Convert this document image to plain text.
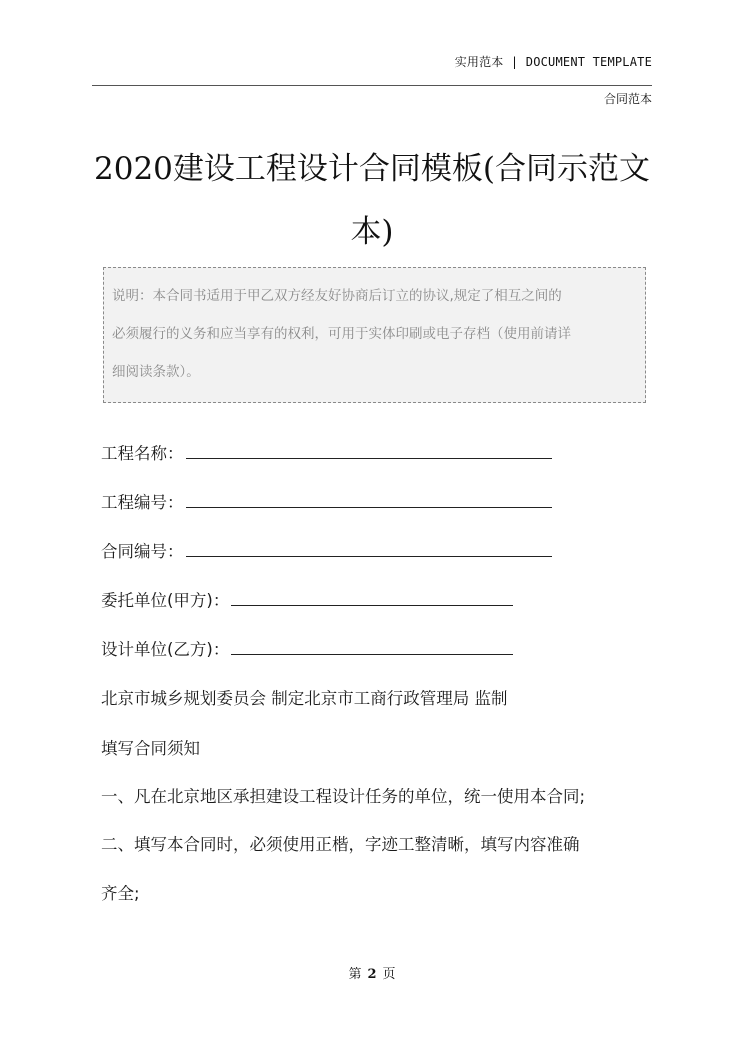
实用范本 | DOCUMENT TEMPLATE
合同范本
2020建设工程设计合同模板(合同示范文
本)
说明：本合同书适用于甲乙双方经友好协商后订立的协议,规定了相互之间的
必须履行的义务和应当享有的权利，可用于实体印刷或电子存档（使用前请详
细阅读条款）。
工程名称：
工程编号：
合同编号：
委托单位(甲方)：
设计单位(乙方)：
北京市城乡规划委员会 制定北京市工商行政管理局 监制
填写合同须知
一、凡在北京地区承担建设工程设计任务的单位，统一使用本合同;
二、填写本合同时，必须使用正楷，字迹工整清晰，填写内容准确
齐全;
第 2 页
